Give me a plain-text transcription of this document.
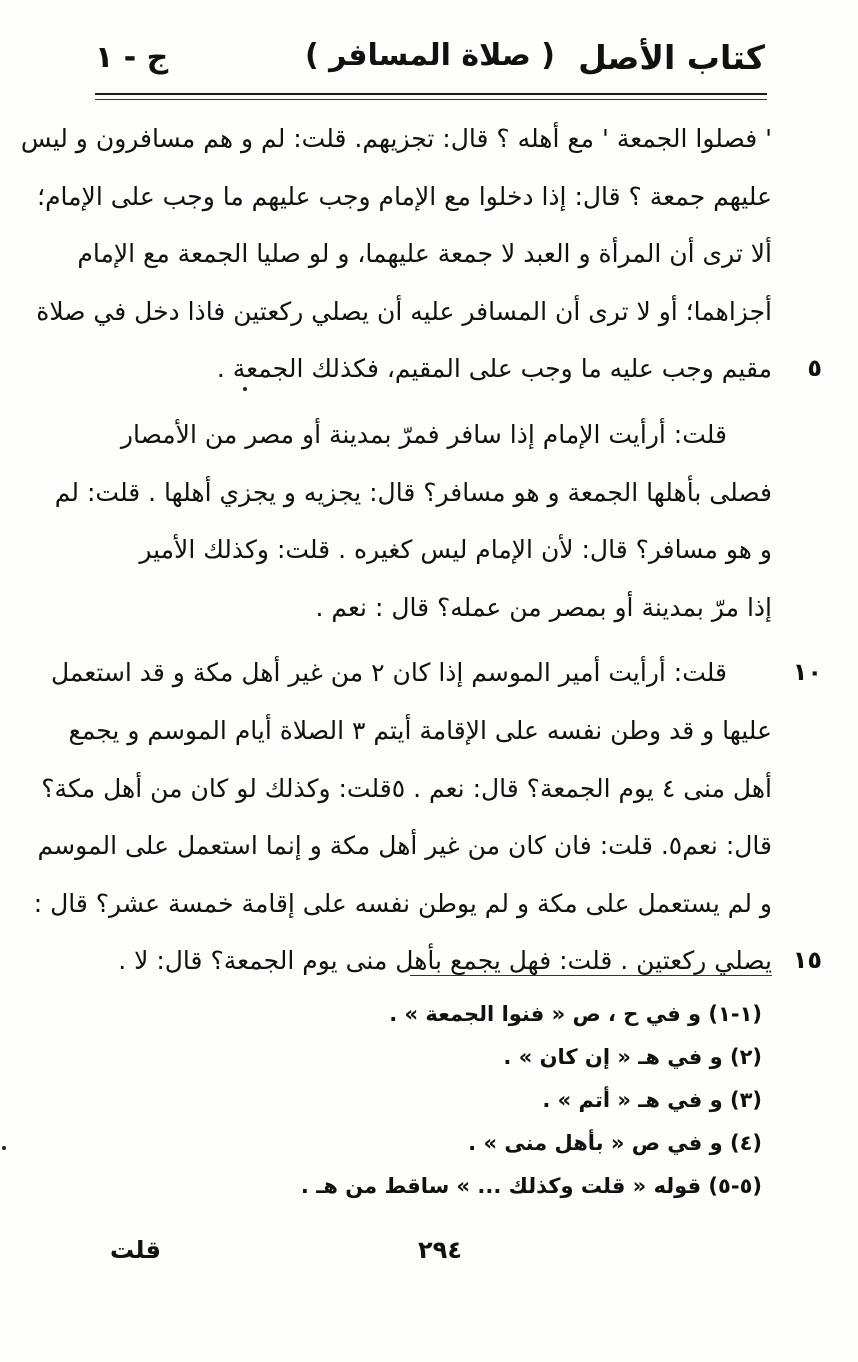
كتاب الأصل
( صلاة المسافر )
ج - ١
' فصلوا الجمعة ' مع أهله ؟ قال: تجزيهم. قلت: لم و هم مسافرون و ليس
عليهم جمعة ؟ قال: إذا دخلوا مع الإمام وجب عليهم ما وجب على الإمام؛
ألا ترى أن المرأة و العبد لا جمعة عليهما، و لو صليا الجمعة مع الإمام
أجزاهما؛ أو لا ترى أن المسافر عليه أن يصلي ركعتين فاذا دخل في صلاة
٥
مقيم وجب عليه ما وجب على المقيم، فكذلك الجمعة .
قلت: أرأيت الإمام إذا سافر فمرّ بمدينة أو مصر من الأمصار
فصلى بأهلها الجمعة و هو مسافر؟ قال: يجزيه و يجزي أهلها . قلت: لم
و هو مسافر؟ قال: لأن الإمام ليس كغيره . قلت: وكذلك الأمير
إذا مرّ بمدينة أو بمصر من عمله؟ قال : نعم .
١٠
قلت: أرأيت أمير الموسم إذا كان ٢ من غير أهل مكة و قد استعمل
عليها و قد وطن نفسه على الإقامة أيتم ٣ الصلاة أيام الموسم و يجمع
أهل منى ٤ يوم الجمعة؟ قال: نعم . ٥قلت: وكذلك لو كان من أهل مكة؟
قال: نعم٥. قلت: فان كان من غير أهل مكة و إنما استعمل على الموسم
و لم يستعمل على مكة و لم يوطن نفسه على إقامة خمسة عشر؟ قال :
١٥
يصلي ركعتين . قلت: فهل يجمع بأهل منى يوم الجمعة؟ قال: لا .
(١-١) و في ح ، ص « فنوا الجمعة » .
(٢) و في هـ « إن كان » .
(٣) و في هـ « أتم » .
(٤) و في ص « بأهل منى » .
(٥-٥) قوله « قلت وكذلك ... » ساقط من هـ .
٢٩٤
قلت
